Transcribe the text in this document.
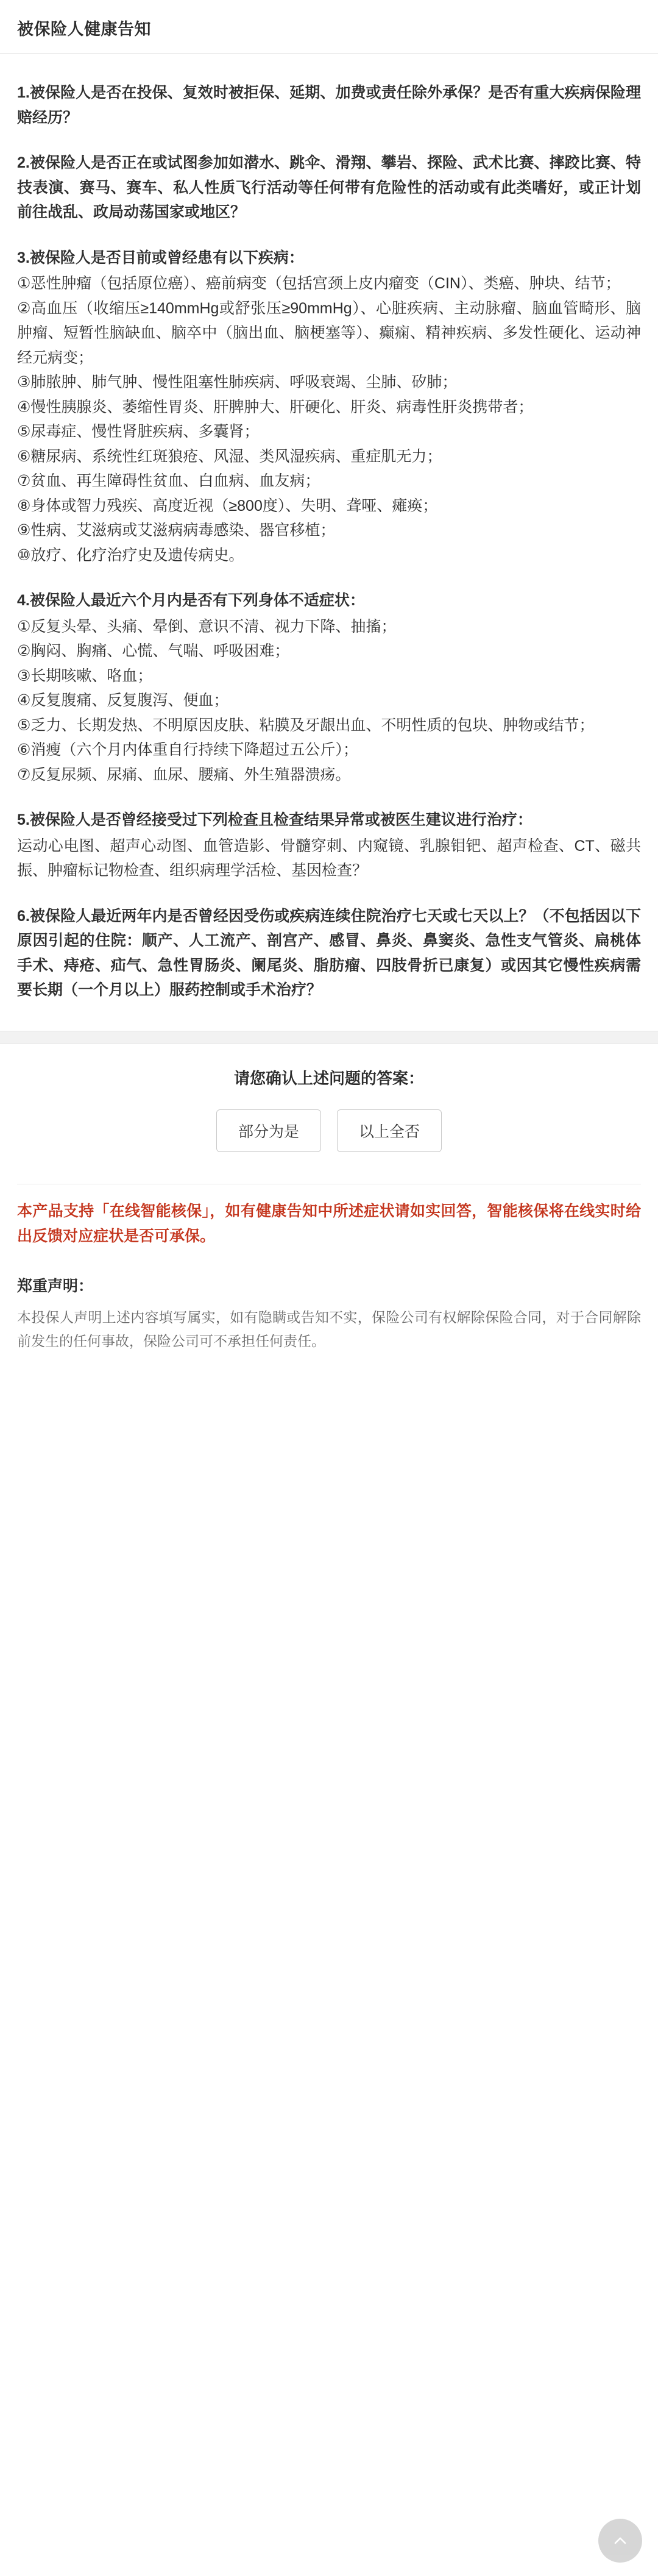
被保险人健康告知
1.被保险人是否在投保、复效时被拒保、延期、加费或责任除外承保？是否有重大疾病保险理赔经历？
2.被保险人是否正在或试图参加如潜水、跳伞、滑翔、攀岩、探险、武术比赛、摔跤比赛、特技表演、赛马、赛车、私人性质飞行活动等任何带有危险性的活动或有此类嗜好，或正计划前往战乱、政局动荡国家或地区？
3.被保险人是否目前或曾经患有以下疾病：
①恶性肿瘤（包括原位癌）、癌前病变（包括宫颈上皮内瘤变（CIN）、类癌、肿块、结节；
②高血压（收缩压≥140mmHg或舒张压≥90mmHg）、心脏疾病、主动脉瘤、脑血管畸形、脑肿瘤、短暂性脑缺血、脑卒中（脑出血、脑梗塞等）、癫痫、精神疾病、多发性硬化、运动神经元病变；
③肺脓肿、肺气肿、慢性阻塞性肺疾病、呼吸衰竭、尘肺、矽肺；
④慢性胰腺炎、萎缩性胃炎、肝脾肿大、肝硬化、肝炎、病毒性肝炎携带者；
⑤尿毒症、慢性肾脏疾病、多囊肾；
⑥糖尿病、系统性红斑狼疮、风湿、类风湿疾病、重症肌无力；
⑦贫血、再生障碍性贫血、白血病、血友病；
⑧身体或智力残疾、高度近视（≥800度）、失明、聋哑、瘫痪；
⑨性病、艾滋病或艾滋病病毒感染、器官移植；
⑩放疗、化疗治疗史及遗传病史。
4.被保险人最近六个月内是否有下列身体不适症状：
①反复头晕、头痛、晕倒、意识不清、视力下降、抽搐；
②胸闷、胸痛、心慌、气喘、呼吸困难；
③长期咳嗽、咯血；
④反复腹痛、反复腹泻、便血；
⑤乏力、长期发热、不明原因皮肤、粘膜及牙龈出血、不明性质的包块、肿物或结节；
⑥消瘦（六个月内体重自行持续下降超过五公斤）；
⑦反复尿频、尿痛、血尿、腰痛、外生殖器溃疡。
5.被保险人是否曾经接受过下列检查且检查结果异常或被医生建议进行治疗：
运动心电图、超声心动图、血管造影、骨髓穿刺、内窥镜、乳腺钼钯、超声检查、CT、磁共振、肿瘤标记物检查、组织病理学活检、基因检查？
6.被保险人最近两年内是否曾经因受伤或疾病连续住院治疗七天或七天以上？（不包括因以下原因引起的住院：顺产、人工流产、剖宫产、感冒、鼻炎、鼻窦炎、急性支气管炎、扁桃体手术、痔疮、疝气、急性胃肠炎、阑尾炎、脂肪瘤、四肢骨折已康复）或因其它慢性疾病需要长期（一个月以上）服药控制或手术治疗？
请您确认上述问题的答案：
部分为是	以上全否
本产品支持「在线智能核保」，如有健康告知中所述症状请如实回答，智能核保将在线实时给出反馈对应症状是否可承保。
郑重声明：
本投保人声明上述内容填写属实，如有隐瞒或告知不实，保险公司有权解除保险合同，对于合同解除前发生的任何事故，保险公司可不承担任何责任。
